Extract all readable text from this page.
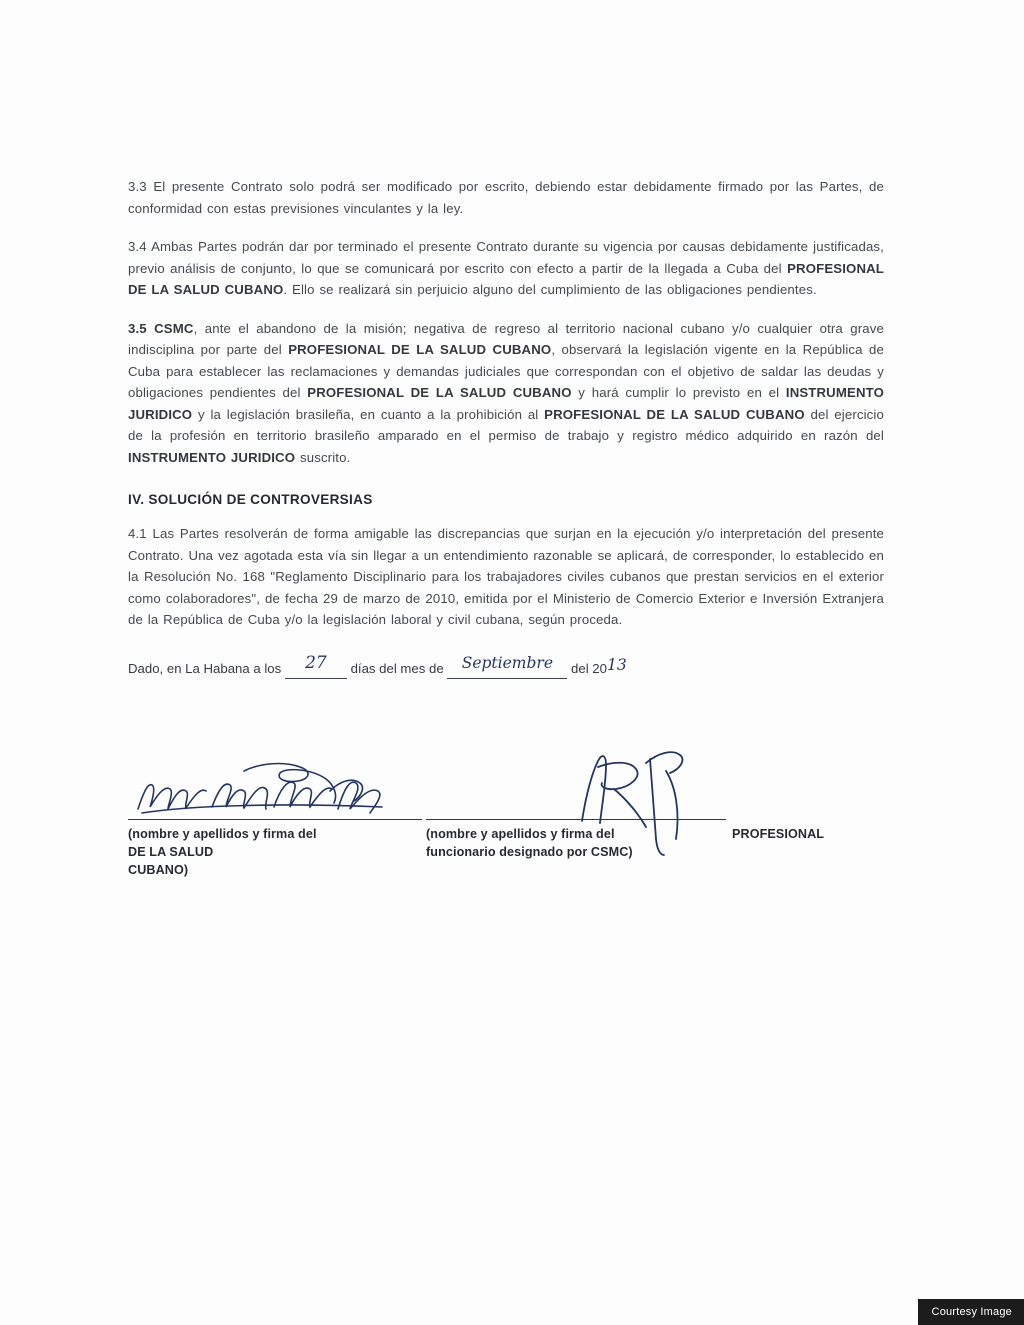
3.3 El presente Contrato solo podrá ser modificado por escrito, debiendo estar debidamente firmado por las Partes, de conformidad con estas previsiones vinculantes y la ley.

3.4 Ambas Partes podrán dar por terminado el presente Contrato durante su vigencia por causas debidamente justificadas, previo análisis de conjunto, lo que se comunicará por escrito con efecto a partir de la llegada a Cuba del PROFESIONAL DE LA SALUD CUBANO. Ello se realizará sin perjuicio alguno del cumplimiento de las obligaciones pendientes.

3.5 CSMC, ante el abandono de la misión; negativa de regreso al territorio nacional cubano y/o cualquier otra grave indisciplina por parte del PROFESIONAL DE LA SALUD CUBANO, observará la legislación vigente en la República de Cuba para establecer las reclamaciones y demandas judiciales que correspondan con el objetivo de saldar las deudas y obligaciones pendientes del PROFESIONAL DE LA SALUD CUBANO y hará cumplir lo previsto en el INSTRUMENTO JURIDICO y la legislación brasileña, en cuanto a la prohibición al PROFESIONAL DE LA SALUD CUBANO del ejercicio de la profesión en territorio brasileño amparado en el permiso de trabajo y registro médico adquirido en razón del INSTRUMENTO JURIDICO suscrito.

IV. SOLUCIÓN DE CONTROVERSIAS

4.1 Las Partes resolverán de forma amigable las discrepancias que surjan en la ejecución y/o interpretación del presente Contrato. Una vez agotada esta vía sin llegar a un entendimiento razonable se aplicará, de corresponder, lo establecido en la Resolución No. 168 "Reglamento Disciplinario para los trabajadores civiles cubanos que prestan servicios en el exterior como colaboradores", de fecha 29 de marzo de 2010, emitida por el Ministerio de Comercio Exterior e Inversión Extranjera de la República de Cuba y/o la legislación laboral y civil cubana, según proceda.

Dado, en La Habana a los 27 días del mes de Septiembre del 2013
(nombre y apellidos y firma del
DE LA SALUD
CUBANO)
(nombre y apellidos y firma del
funcionario designado por CSMC)
PROFESIONAL
Courtesy Image
